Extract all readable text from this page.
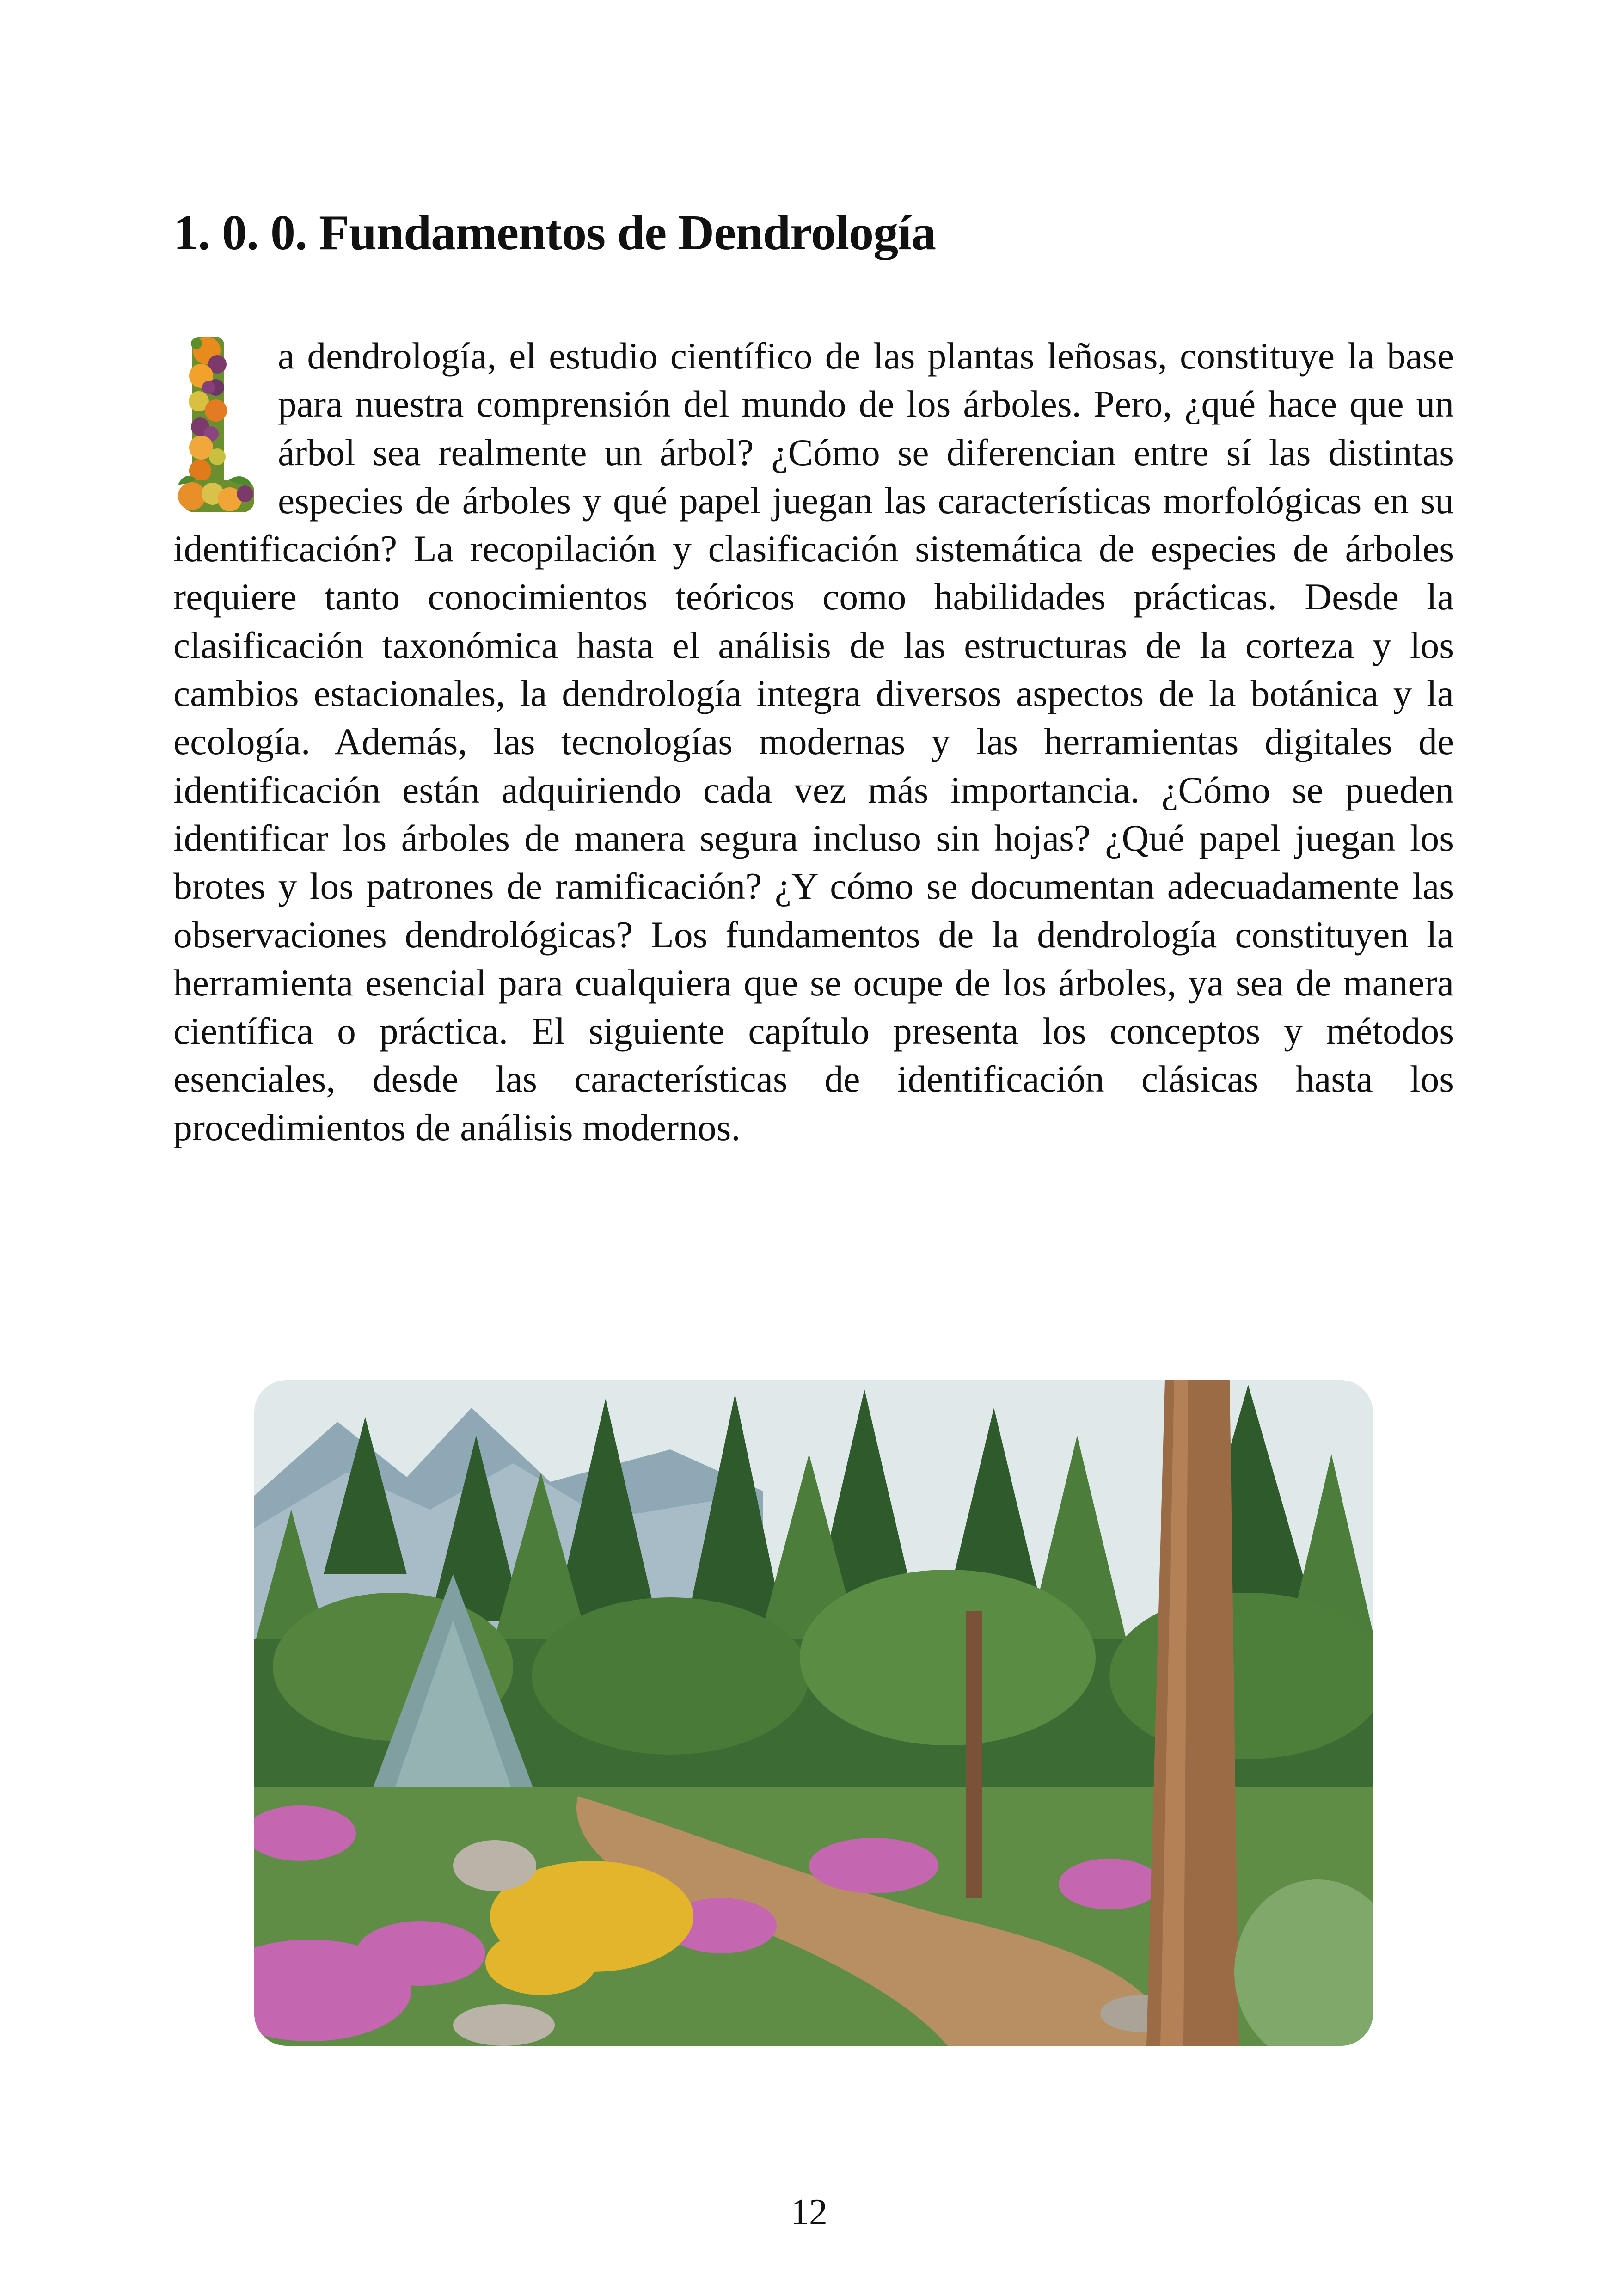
1. 0. 0. Fundamentos de Dendrología

a dendrología, el estudio científico de las plantas leñosas, constituye la base para nuestra comprensión del mundo de los árboles. Pero, ¿qué hace que un árbol sea realmente un árbol? ¿Cómo se diferencian entre sí las distintas especies de árboles y qué papel juegan las características morfológicas en su identificación? La recopilación y clasificación sistemática de especies de árboles requiere tanto conocimientos teóricos como habilidades prácticas. Desde la clasificación taxonómica hasta el análisis de las estructuras de la corteza y los cambios estacionales, la dendrología integra diversos aspectos de la botánica y la ecología. Además, las tecnologías modernas y las herramientas digitales de identificación están adquiriendo cada vez más importancia. ¿Cómo se pueden identificar los árboles de manera segura incluso sin hojas? ¿Qué papel juegan los brotes y los patrones de ramificación? ¿Y cómo se documentan adecuadamente las observaciones dendrológicas? Los fundamentos de la dendrología constituyen la herramienta esencial para cualquiera que se ocupe de los árboles, ya sea de manera científica o práctica. El siguiente capítulo presenta los conceptos y métodos esenciales, desde las características de identificación clásicas hasta los procedimientos de análisis modernos.

12
